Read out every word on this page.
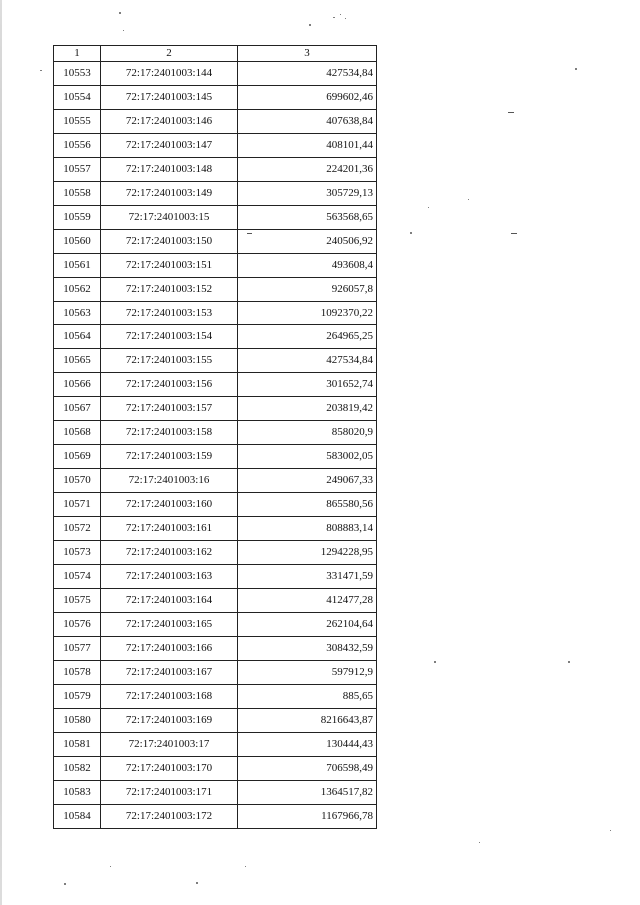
1	2	3
10553	72:17:2401003:144	427534,84
10554	72:17:2401003:145	699602,46
10555	72:17:2401003:146	407638,84
10556	72:17:2401003:147	408101,44
10557	72:17:2401003:148	224201,36
10558	72:17:2401003:149	305729,13
10559	72:17:2401003:15	563568,65
10560	72:17:2401003:150	240506,92
10561	72:17:2401003:151	493608,4
10562	72:17:2401003:152	926057,8
10563	72:17:2401003:153	1092370,22
10564	72:17:2401003:154	264965,25
10565	72:17:2401003:155	427534,84
10566	72:17:2401003:156	301652,74
10567	72:17:2401003:157	203819,42
10568	72:17:2401003:158	858020,9
10569	72:17:2401003:159	583002,05
10570	72:17:2401003:16	249067,33
10571	72:17:2401003:160	865580,56
10572	72:17:2401003:161	808883,14
10573	72:17:2401003:162	1294228,95
10574	72:17:2401003:163	331471,59
10575	72:17:2401003:164	412477,28
10576	72:17:2401003:165	262104,64
10577	72:17:2401003:166	308432,59
10578	72:17:2401003:167	597912,9
10579	72:17:2401003:168	885,65
10580	72:17:2401003:169	8216643,87
10581	72:17:2401003:17	130444,43
10582	72:17:2401003:170	706598,49
10583	72:17:2401003:171	1364517,82
10584	72:17:2401003:172	1167966,78
